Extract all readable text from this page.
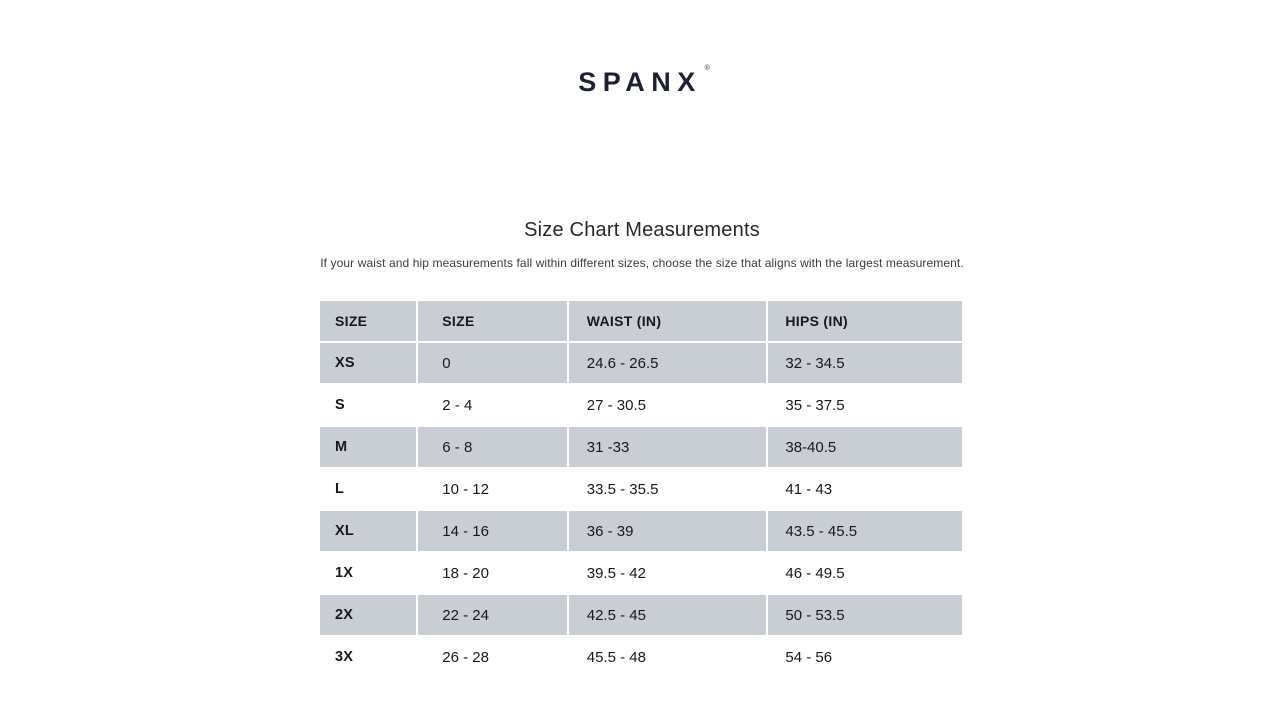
SPANX ®
Size Chart Measurements
If your waist and hip measurements fall within different sizes, choose the size that aligns with the largest measurement.
SIZE	SIZE	WAIST (IN)	HIPS (IN)
XS	0	24.6 - 26.5	32 - 34.5
S	2 - 4	27 - 30.5	35 - 37.5
M	6 - 8	31 -33	38-40.5
L	10 - 12	33.5 - 35.5	41 - 43
XL	14 - 16	36 - 39	43.5 - 45.5
1X	18 - 20	39.5 - 42	46 - 49.5
2X	22 - 24	42.5 - 45	50 - 53.5
3X	26 - 28	45.5 - 48	54 - 56
